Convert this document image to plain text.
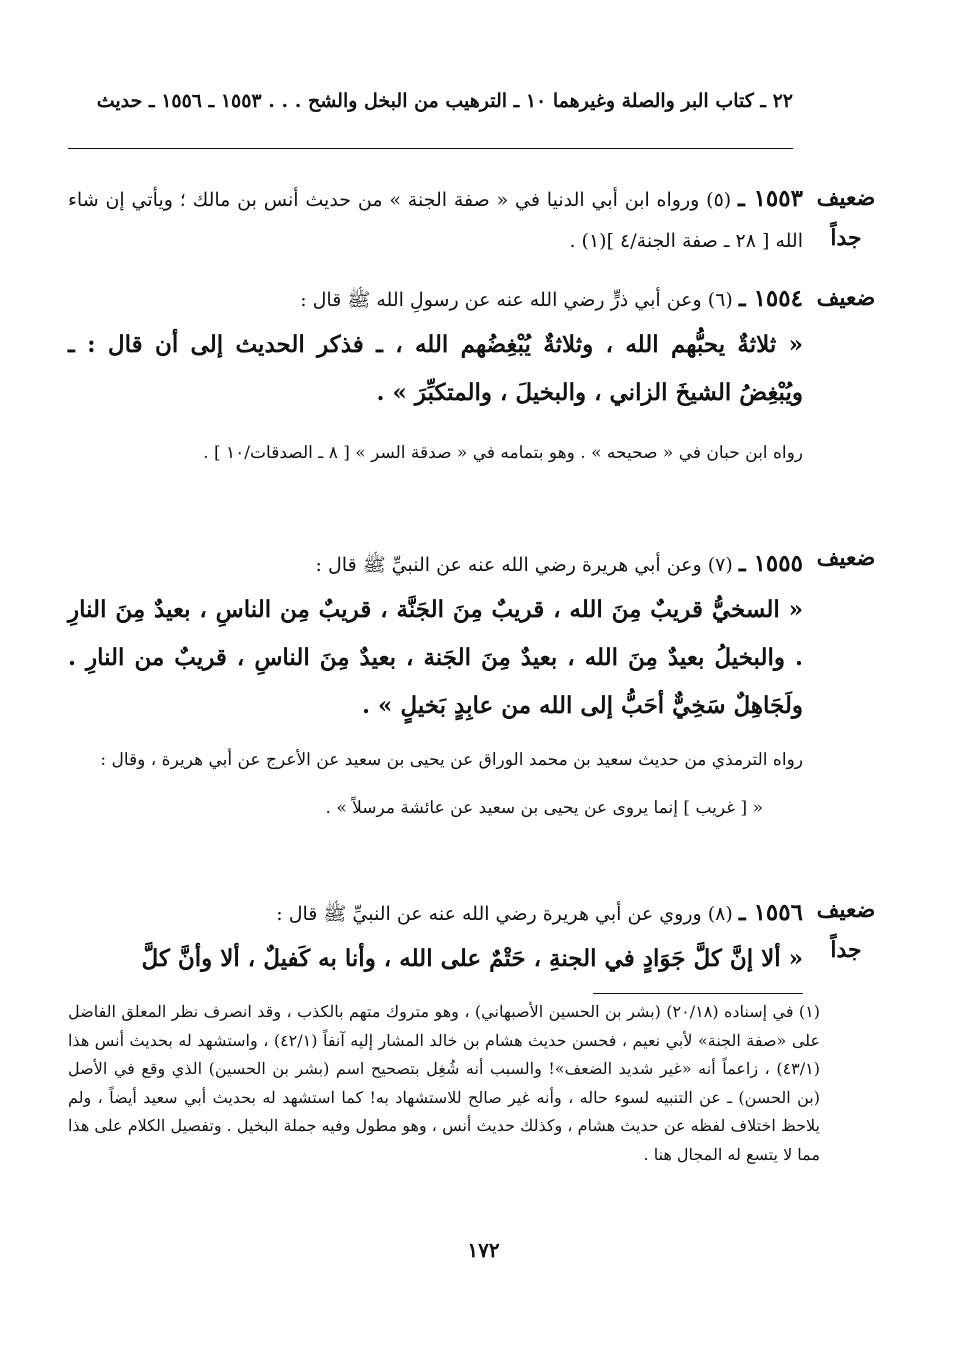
٢٢ ـ كتاب البر والصلة وغيرهما ١٠ ـ الترهيب من البخل والشح . . . ١٥٥٣ ـ ١٥٥٦ ـ حديث
ضعيف جداً

١٥٥٣ ـ (٥) ورواه ابن أبي الدنيا في « صفة الجنة » من حديث أنس بن مالك ؛ ويأتي إن شاء الله [ ٢٨ ـ صفة الجنة/٤ ](١) .

ضعيف

١٥٥٤ ـ (٦) وعن أبي ذرٍّ رضي الله عنه عن رسولِ الله ﷺ قال :

« ثلاثةٌ يحبُّهم الله ، وثلاثةٌ يُبْغِضُهم الله ، ـ فذكر الحديث إلى أن قال : ـ ويُبْغِضُ الشيخَ الزاني ، والبخيلَ ، والمتكبِّرَ » .

رواه ابن حبان في « صحيحه » . وهو بتمامه في « صدقة السر » [ ٨ ـ الصدقات/١٠ ] .

ضعيف

١٥٥٥ ـ (٧) وعن أبي هريرة رضي الله عنه عن النبيِّ ﷺ قال :

« السخيُّ قريبٌ مِنَ الله ، قريبٌ مِنَ الجَنَّة ، قريبٌ مِن الناسِ ، بعيدٌ مِنَ النارِ . والبخيلُ بعيدٌ مِنَ الله ، بعيدٌ مِنَ الجَنة ، بعيدٌ مِنَ الناسِ ، قريبٌ من النارِ . ولَجَاهِلٌ سَخِيٌّ أحَبُّ إلى الله من عابِدٍ بَخيلٍ » .

رواه الترمذي من حديث سعيد بن محمد الوراق عن يحيى بن سعيد عن الأعرج عن أبي هريرة ، وقال :

« [ غريب ] إنما يروى عن يحيى بن سعيد عن عائشة مرسلاً » .

ضعيف جداً

١٥٥٦ ـ (٨) وروي عن أبي هريرة رضي الله عنه عن النبيِّ ﷺ قال :

« ألا إنَّ كلَّ جَوَادٍ في الجنةِ ، حَتْمٌ على الله ، وأنا به كَفيلٌ ، ألا وأنَّ كلَّ

(١) في إسناده (٢٠/١٨) (بشر بن الحسين الأصبهاني) ، وهو متروك متهم بالكذب ، وقد انصرف نظر المعلق الفاضل على «صفة الجنة» لأبي نعيم ، فحسن حديث هشام بن خالد المشار إليه آنفاً (٤٢/١) ، واستشهد له بحديث أنس هذا (٤٣/١) ، زاعماً أنه «غير شديد الضعف»! والسبب أنه شُغِل بتصحيح اسم (بشر بن الحسين) الذي وقع في الأصل (بن الحسن) ـ عن التنبيه لسوء حاله ، وأنه غير صالح للاستشهاد به! كما استشهد له بحديث أبي سعيد أيضاً ، ولم يلاحظ اختلاف لفظه عن حديث هشام ، وكذلك حديث أنس ، وهو مطول وفيه جملة البخيل . وتفصيل الكلام على هذا مما لا يتسع له المجال هنا .

١٧٢
